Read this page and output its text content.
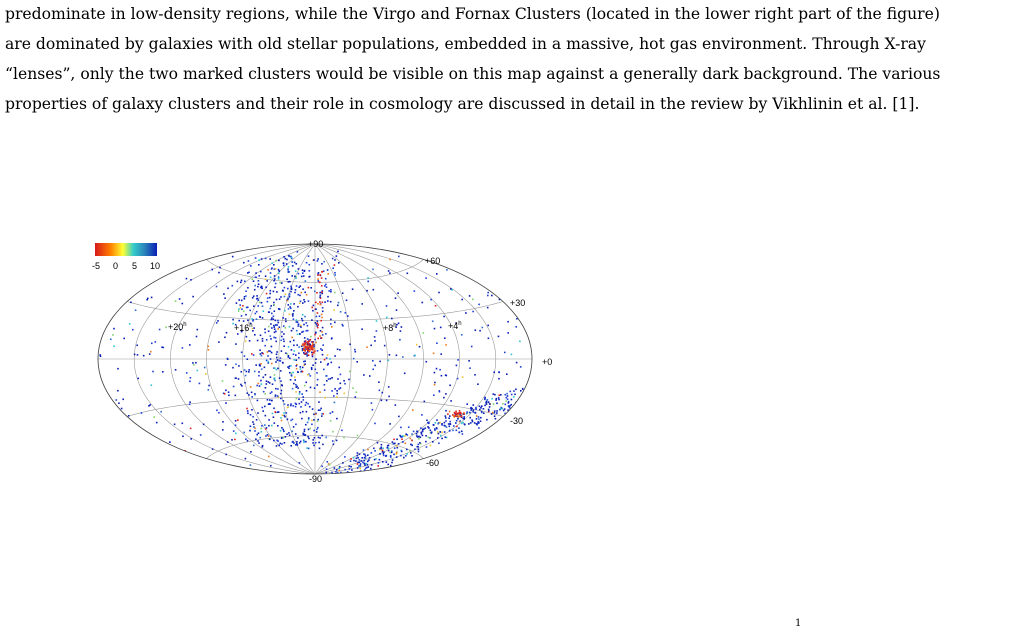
predominate in low-density regions, while the Virgo and Fornax Clusters (located in the lower right part of the figure)
are dominated by galaxies with old stellar populations, embedded in a massive, hot gas environment. Through X-ray
“lenses”, only the two marked clusters would be visible on this map against a generally dark background. The various
properties of galaxy clusters and their role in cosmology are discussed in detail in the review by Vikhlinin et al. [1].
-5 0 5 10
+90
+60
+30
+0
-30
-60
-90
$+20^h$	$+16^h$	$+8^h$	$+4^h$
1
